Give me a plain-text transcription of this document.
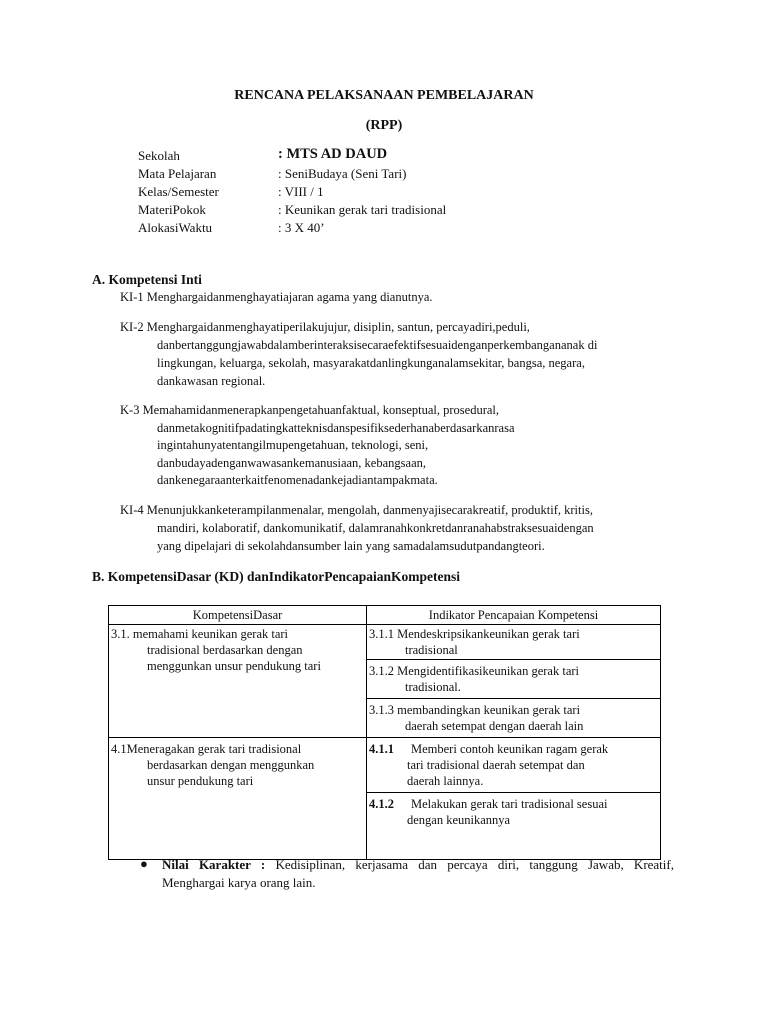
RENCANA PELAKSANAAN PEMBELAJARAN
(RPP)
Sekolah	: MTS AD DAUD
Mata Pelajaran	: SeniBudaya (Seni Tari)
Kelas/Semester	: VIII / 1
MateriPokok	: Keunikan gerak tari tradisional
AlokasiWaktu	: 3 X 40’
A. Kompetensi Inti
KI-1 Menghargaidanmenghayatiajaran agama yang dianutnya.
KI-2 Menghargaidanmenghayatiperilakujujur, disiplin, santun, percayadiri,peduli,
danbertanggungjawabdalamberinteraksisecaraefektifsesuaidenganperkembangananak di
lingkungan, keluarga, sekolah, masyarakatdanlingkunganalamsekitar, bangsa, negara,
dankawasan regional.
K-3 Memahamidanmenerapkanpengetahuanfaktual, konseptual, prosedural,
danmetakognitifpadatingkatteknisdanspesifiksederhanaberdasarkanrasa
ingintahunyatentangilmupengetahuan, teknologi, seni,
danbudayadenganwawasankemanusiaan, kebangsaan,
dankenegaraanterkaitfenomenadankejadiantampakmata.
KI-4 Menunjukkanketerampilanmenalar, mengolah, danmenyajisecarakreatif, produktif, kritis,
mandiri, kolaboratif, dankomunikatif, dalamranahkonkretdanranahabstraksesuaidengan
yang dipelajari di sekolahdansumber lain yang samadalamsudutpandangteori.
B. KompetensiDasar (KD) danIndikatorPencapaianKompetensi
KompetensiDasar	Indikator Pencapaian Kompetensi

3.1. memahami keunikan gerak tari
tradisional berdasarkan dengan
menggunkan unsur pendukung tari	3.1.1 Mendeskripsikankeunikan gerak tari
tradisional

	3.1.2 Mengidentifikasikeunikan gerak tari
tradisional.

	3.1.3 membandingkan keunikan gerak tari
daerah setempat dengan daerah lain

4.1Meneragakan gerak tari tradisional
berdasarkan dengan menggunkan
unsur pendukung tari	4.1.1 Memberi contoh keunikan ragam gerak
tari tradisional daerah setempat dan
daerah lainnya.

	4.1.2 Melakukan gerak tari tradisional sesuai
dengan keunikannya
● Nilai Karakter : Kedisiplinan, kerjasama dan percaya diri, tanggung Jawab, Kreatif,
Menghargai karya orang lain.
